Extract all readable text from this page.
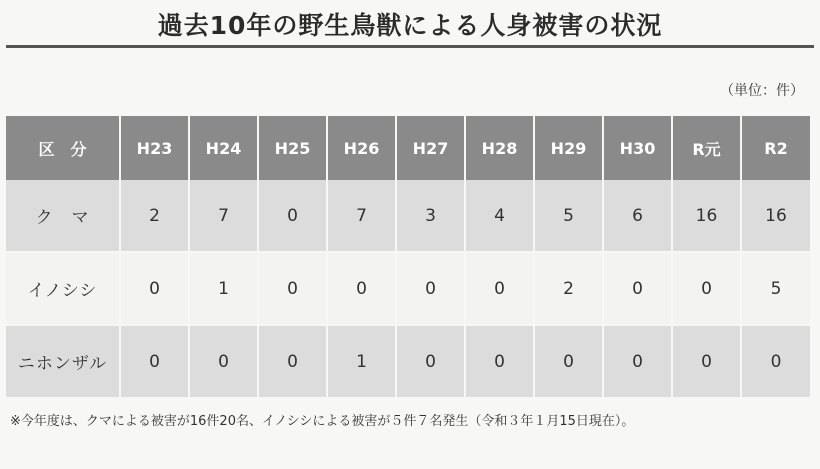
過去10年の野生鳥獣による人身被害の状況
（単位：件）
区　分	H23	H24	H25	H26	H27	H28	H29	H30	R元	R2
ク　マ	2	7	0	7	3	4	5	6	16	16
イノシシ	0	1	0	0	0	0	2	0	0	5
ニホンザル	0	0	0	1	0	0	0	0	0	0
※今年度は、クマによる被害が16件20名、イノシシによる被害が５件７名発生（令和３年１月15日現在）。
